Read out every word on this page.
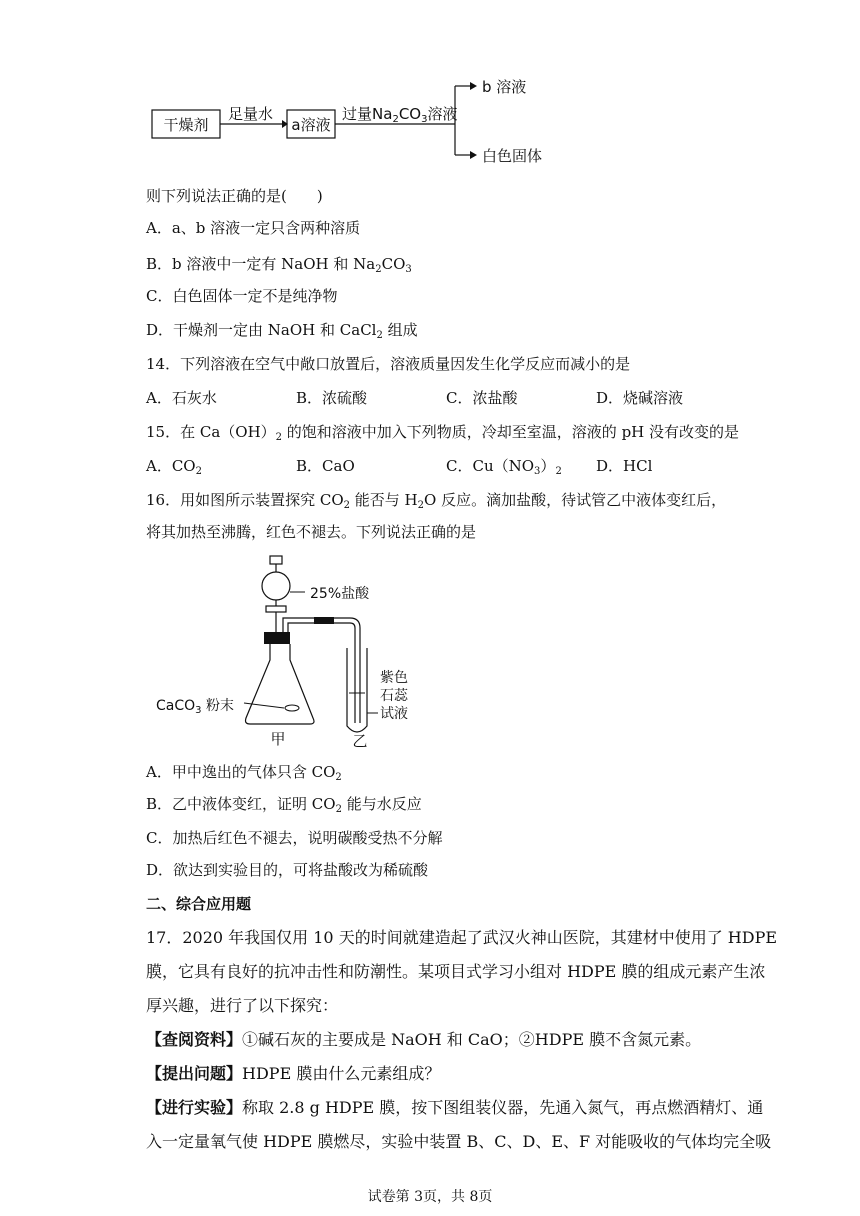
干燥剂
足量水
a溶液
过量$Na_2CO_3$溶液
b 溶液
白色固体
则下列说法正确的是(　　)
A．a、b 溶液一定只含两种溶质
B．b 溶液中一定有 NaOH 和 $Na_2CO_3$
C．白色固体一定不是纯净物
D．干燥剂一定由 NaOH 和 CaCl$_2$ 组成
14．下列溶液在空气中敞口放置后，溶液质量因发生化学反应而减小的是
A．石灰水	B．浓硫酸	C．浓盐酸	D．烧碱溶液
15．在 $Ca(OH)_2$ 的饱和溶液中加入下列物质，冷却至室温，溶液的 pH 没有改变的是
A．$CO_2$	B．CaO	C．$Cu(NO_3)_2$ D．HCl
16．用如图所示装置探究 $CO_2$ 能否与 $H_2O$ 反应。滴加盐酸，待试管乙中液体变红后，
将其加热至沸腾，红色不褪去。下列说法正确的是
25%盐酸
CaCO$_3$ 粉末
甲	乙
紫色
石蕊
试液
A．甲中逸出的气体只含 $CO_2$
B．乙中液体变红，证明 $CO_2$ 能与水反应
C．加热后红色不褪去，说明碳酸受热不分解
D．欲达到实验目的，可将盐酸改为稀硫酸
二、综合应用题
17．2020 年我国仅用 10 天的时间就建造起了武汉火神山医院，其建材中使用了 HDPE
膜，它具有良好的抗冲击性和防潮性。某项目式学习小组对 HDPE 膜的组成元素产生浓
厚兴趣，进行了以下探究：
【查阅资料】①碱石灰的主要成是 NaOH 和 CaO；②HDPE 膜不含氮元素。
【提出问题】HDPE 膜由什么元素组成？
【进行实验】称取 2.8 g HDPE 膜，按下图组装仪器，先通入氮气，再点燃酒精灯、通
入一定量氧气使 HDPE 膜燃尽，实验中装置 B、C、D、E、F 对能吸收的气体均完全吸
试卷第 3页，共 8页
